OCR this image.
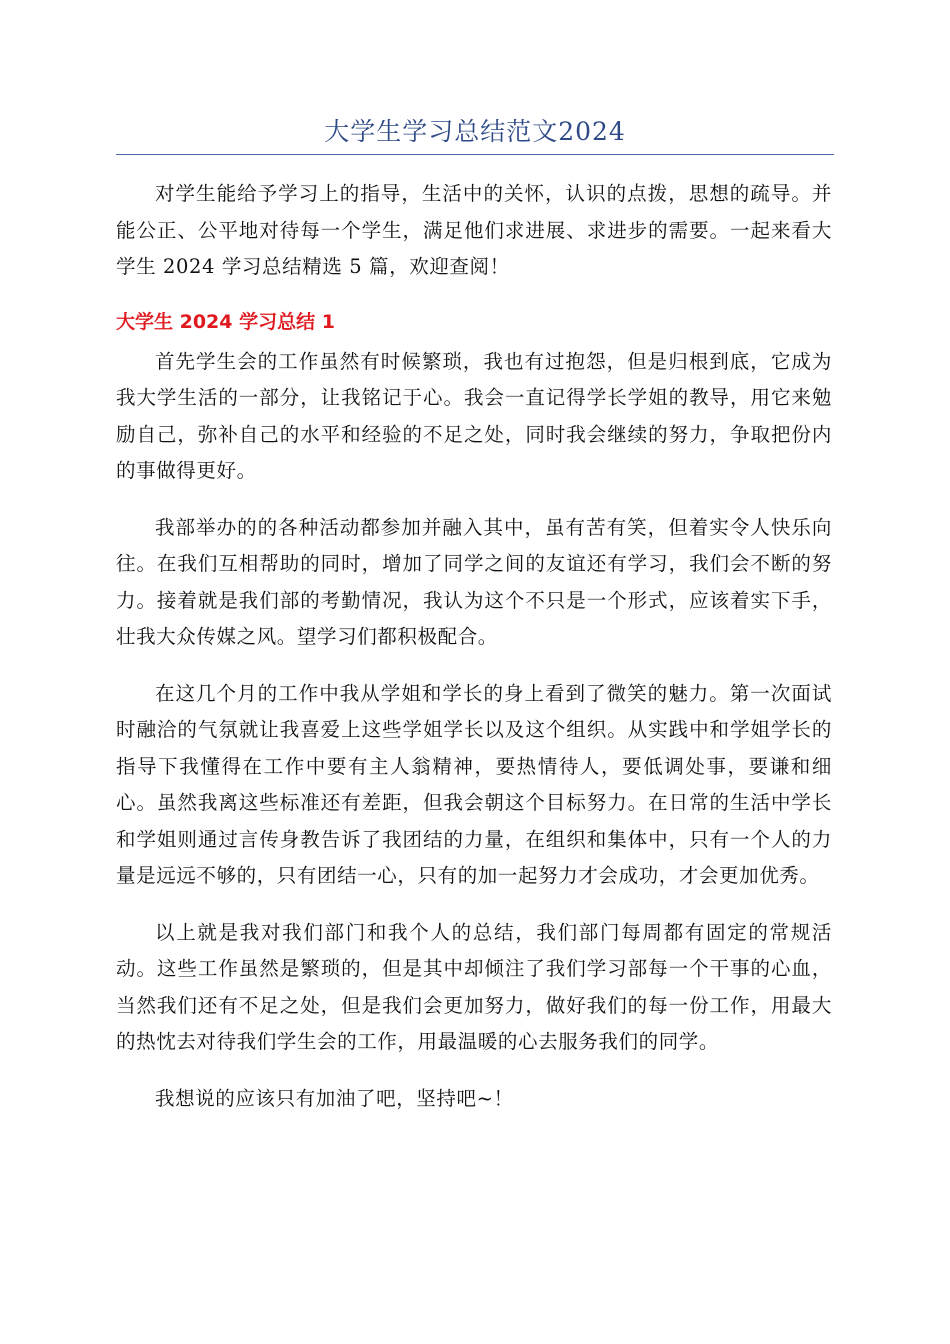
大学生学习总结范文2024

对学生能给予学习上的指导，生活中的关怀，认识的点拨，思想的疏导。并能公正、公平地对待每一个学生，满足他们求进展、求进步的需要。一起来看大学生 2024 学习总结精选 5 篇，欢迎查阅！

大学生 2024 学习总结 1

首先学生会的工作虽然有时候繁琐，我也有过抱怨，但是归根到底，它成为我大学生活的一部分，让我铭记于心。我会一直记得学长学姐的教导，用它来勉励自己，弥补自己的水平和经验的不足之处，同时我会继续的努力，争取把份内的事做得更好。

我部举办的的各种活动都参加并融入其中，虽有苦有笑，但着实令人快乐向往。在我们互相帮助的同时，增加了同学之间的友谊还有学习，我们会不断的努力。接着就是我们部的考勤情况，我认为这个不只是一个形式，应该着实下手，壮我大众传媒之风。望学习们都积极配合。

在这几个月的工作中我从学姐和学长的身上看到了微笑的魅力。第一次面试时融洽的气氛就让我喜爱上这些学姐学长以及这个组织。从实践中和学姐学长的指导下我懂得在工作中要有主人翁精神，要热情待人，要低调处事，要谦和细心。虽然我离这些标准还有差距，但我会朝这个目标努力。在日常的生活中学长和学姐则通过言传身教告诉了我团结的力量，在组织和集体中，只有一个人的力量是远远不够的，只有团结一心，只有的加一起努力才会成功，才会更加优秀。

以上就是我对我们部门和我个人的总结，我们部门每周都有固定的常规活动。这些工作虽然是繁琐的，但是其中却倾注了我们学习部每一个干事的心血，当然我们还有不足之处，但是我们会更加努力，做好我们的每一份工作，用最大的热忱去对待我们学生会的工作，用最温暖的心去服务我们的同学。

我想说的应该只有加油了吧，坚持吧~！
